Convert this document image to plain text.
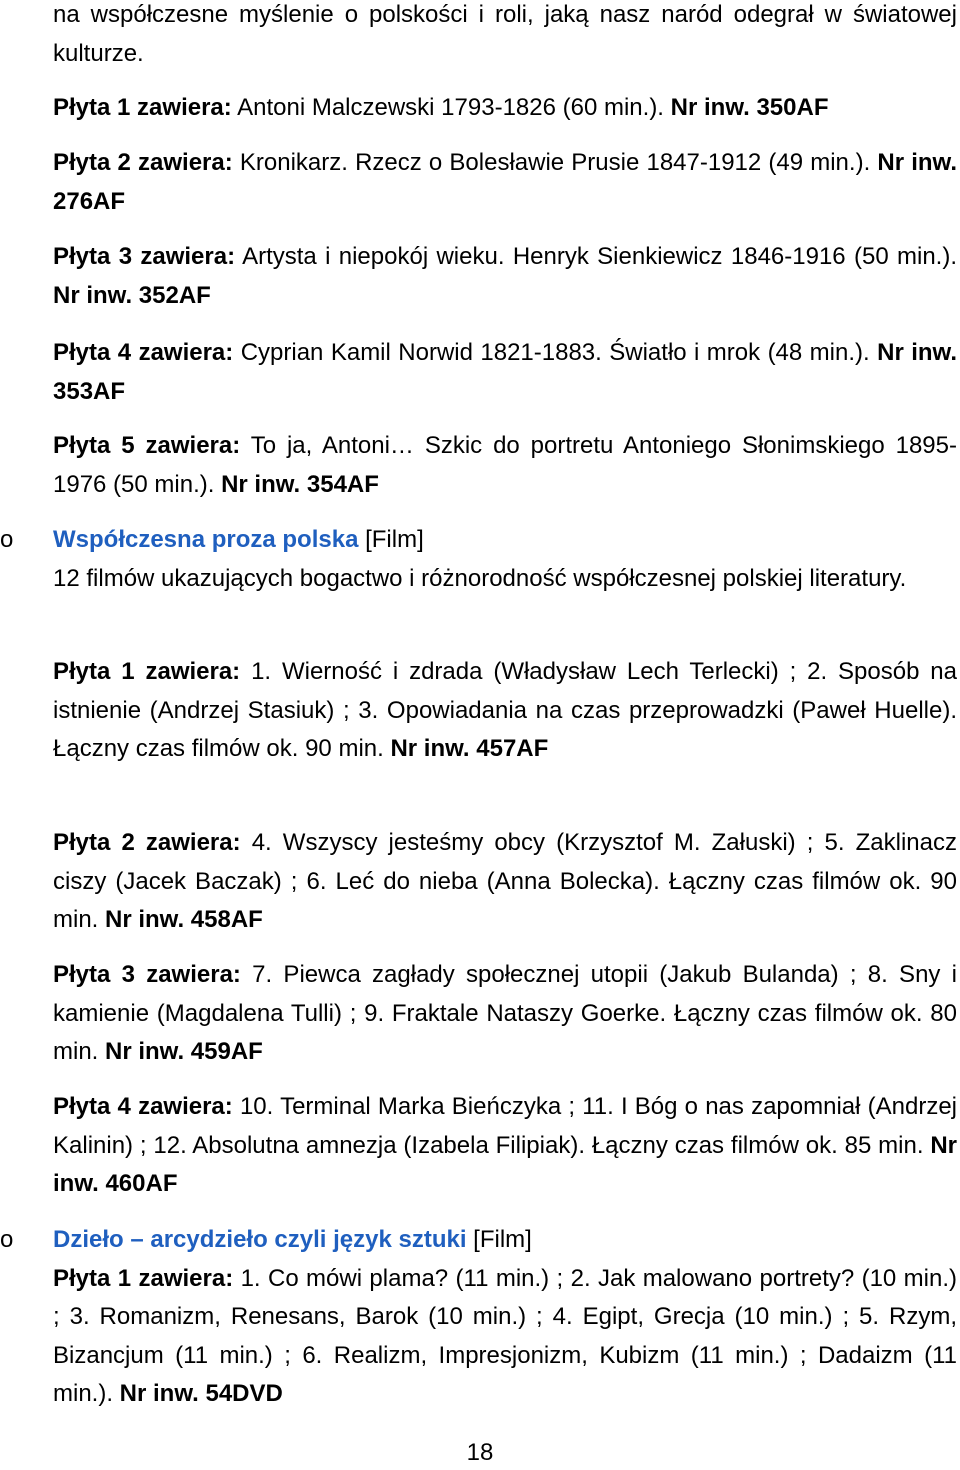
na współczesne myślenie o polskości i roli, jaką nasz naród odegrał w światowej kulturze.

Płyta 1 zawiera: Antoni Malczewski 1793-1826 (60 min.). Nr inw. 350AF

Płyta 2 zawiera: Kronikarz. Rzecz o Bolesławie Prusie 1847-1912 (49 min.). Nr inw. 276AF

Płyta 3 zawiera: Artysta i niepokój wieku. Henryk Sienkiewicz 1846-1916 (50 min.). Nr inw. 352AF

Płyta 4 zawiera: Cyprian Kamil Norwid 1821-1883. Światło i mrok (48 min.). Nr inw. 353AF

Płyta 5 zawiera: To ja, Antoni… Szkic do portretu Antoniego Słonimskiego 1895-1976 (50 min.). Nr inw. 354AF

o Współczesna proza polska [Film]
12 filmów ukazujących bogactwo i różnorodność współczesnej polskiej literatury.

Płyta 1 zawiera: 1. Wierność i zdrada (Władysław Lech Terlecki) ; 2. Sposób na istnienie (Andrzej Stasiuk) ; 3. Opowiadania na czas przeprowadzki (Paweł Huelle). Łączny czas filmów ok. 90 min. Nr inw. 457AF

Płyta 2 zawiera: 4. Wszyscy jesteśmy obcy (Krzysztof M. Załuski) ; 5. Zaklinacz ciszy (Jacek Baczak) ; 6. Leć do nieba (Anna Bolecka). Łączny czas filmów ok. 90 min. Nr inw. 458AF

Płyta 3 zawiera: 7. Piewca zagłady społecznej utopii (Jakub Bulanda) ; 8. Sny i kamienie (Magdalena Tulli) ; 9. Fraktale Nataszy Goerke. Łączny czas filmów ok. 80 min. Nr inw. 459AF

Płyta 4 zawiera: 10. Terminal Marka Bieńczyka ; 11. I Bóg o nas zapomniał (Andrzej Kalinin) ; 12. Absolutna amnezja (Izabela Filipiak). Łączny czas filmów ok. 85 min. Nr inw. 460AF

o Dzieło – arcydzieło czyli język sztuki [Film]
Płyta 1 zawiera: 1. Co mówi plama? (11 min.) ; 2. Jak malowano portrety? (10 min.) ; 3. Romanizm, Renesans, Barok (10 min.) ; 4. Egipt, Grecja (10 min.) ; 5. Rzym, Bizancjum (11 min.) ; 6. Realizm, Impresjonizm, Kubizm (11 min.) ; Dadaizm (11 min.). Nr inw. 54DVD

18
